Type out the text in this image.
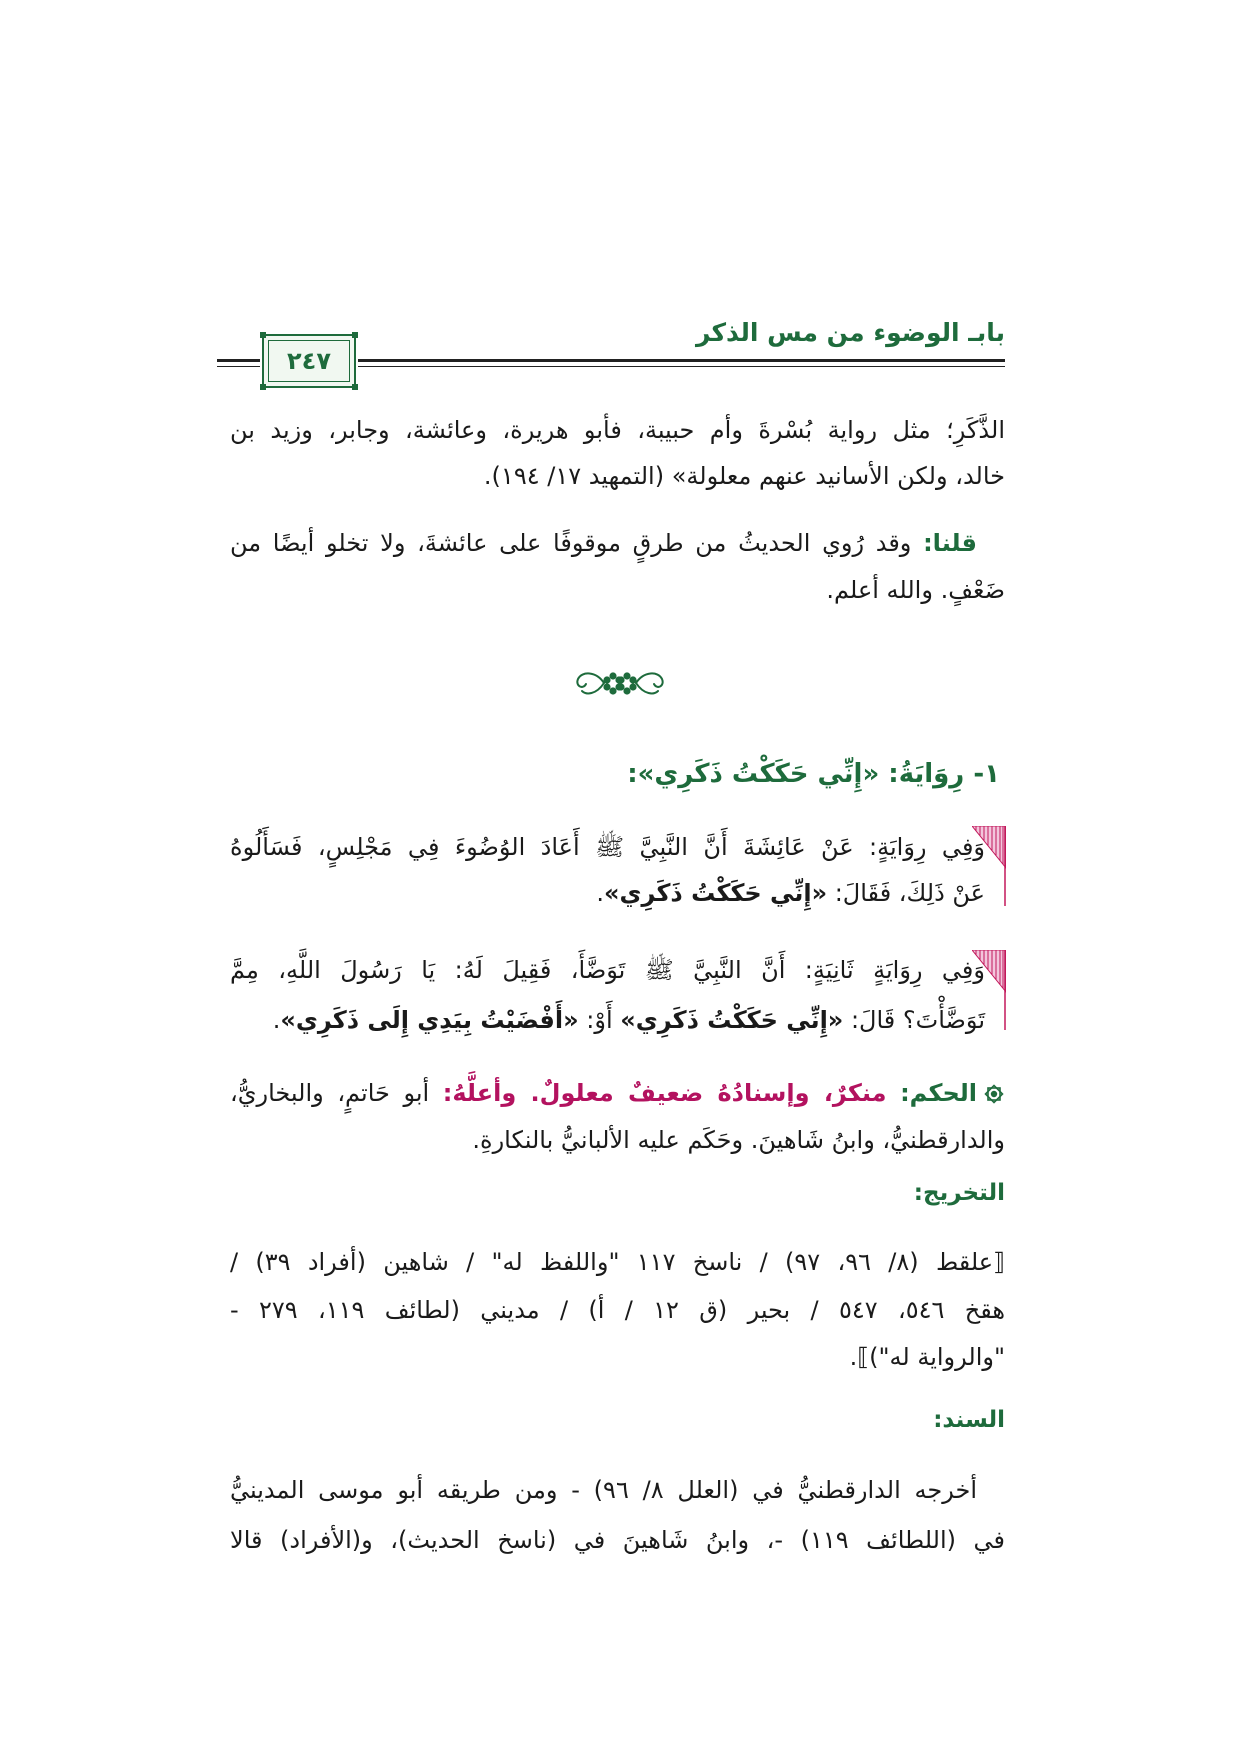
بابـ الوضوء من مس الذكر
٢٤٧
الذَّكَرِ؛ مثل رواية بُسْرةَ وأم حبيبة، فأبو هريرة، وعائشة، وجابر، وزيد بن
خالد، ولكن الأسانيد عنهم معلولة» (التمهيد ١٧/ ١٩٤).
قلنا: وقد رُوي الحديثُ من طرقٍ موقوفًا على عائشةَ، ولا تخلو أيضًا من
ضَعْفٍ. والله أعلم.
١- رِوَايَةُ: «إِنِّي حَكَكْتُ ذَكَرِي»:
وَفِي رِوَايَةٍ: عَنْ عَائِشَةَ أَنَّ النَّبِيَّ ﷺ أَعَادَ الوُضُوءَ فِي مَجْلِسٍ، فَسَأَلُوهُ
عَنْ ذَلِكَ، فَقَالَ: «إِنِّي حَكَكْتُ ذَكَرِي».
وَفِي رِوَايَةٍ ثَانِيَةٍ: أَنَّ النَّبِيَّ ﷺ تَوَضَّأَ، فَقِيلَ لَهُ: يَا رَسُولَ اللَّهِ، مِمَّ
تَوَضَّأْتَ؟ قَالَ: «إِنِّي حَكَكْتُ ذَكَرِي» أَوْ: «أَفْضَيْتُ بِيَدِي إِلَى ذَكَرِي».
الحكم: منكرٌ، وإسنادُهُ ضعيفٌ معلولٌ. وأعلَّهُ: أبو حَاتمٍ، والبخاريُّ،
والدارقطنيُّ، وابنُ شَاهينَ. وحَكَم عليه الألبانيُّ بالنكارةِ.
التخريج:
⟦علقط (٨/ ٩٦، ٩٧) / ناسخ ١١٧ "واللفظ له" / شاهين (أفراد ٣٩) /
هقخ ٥٤٦، ٥٤٧ / بحير (ق ١٢ / أ) / مديني (لطائف ١١٩، ٢٧٩ -
"والرواية له")⟧.
السند:
أخرجه الدارقطنيُّ في (العلل ٨/ ٩٦) - ومن طريقه أبو موسى المدينيُّ
في (اللطائف ١١٩) -، وابنُ شَاهينَ في (ناسخ الحديث)، و(الأفراد) قالا
